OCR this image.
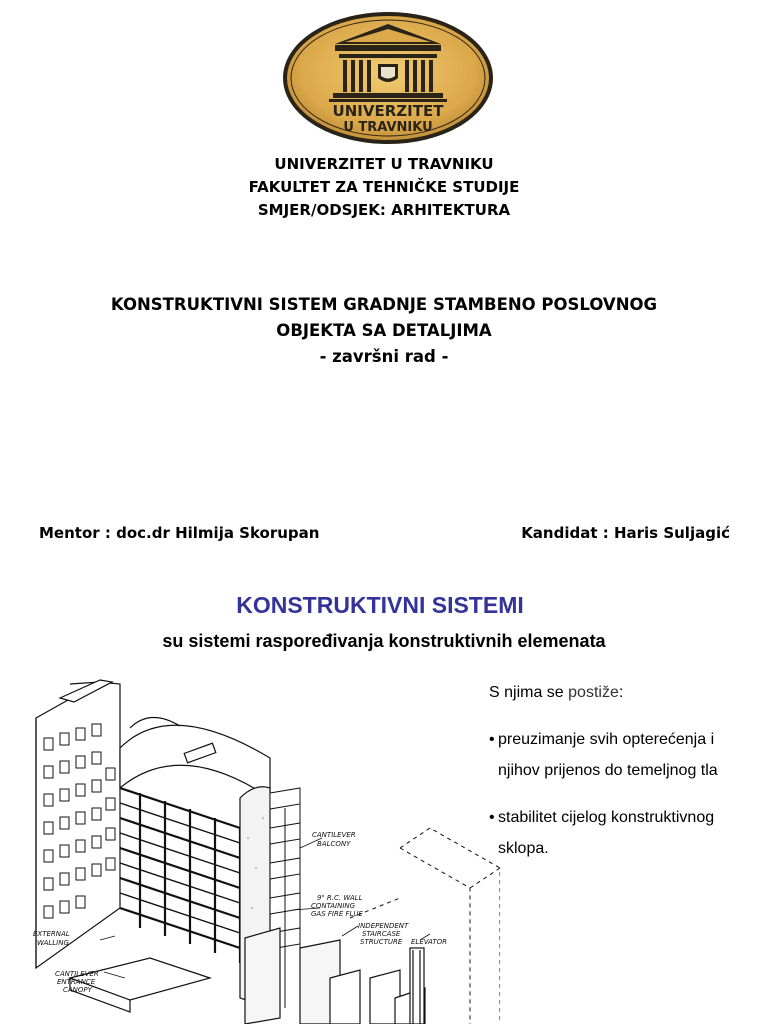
UNIVERZITET
U TRAVNIKU
UNIVERZITET U TRAVNIKU
FAKULTET ZA TEHNIČKE STUDIJE
SMJER/ODSJEK: ARHITEKTURA
KONSTRUKTIVNI SISTEM GRADNJE STAMBENO POSLOVNOG
OBJEKTA SA DETALJIMA
- završni rad -
Mentor : doc.dr Hilmija Skorupan	Kandidat : Haris Suljagić
KONSTRUKTIVNI SISTEMI
su sistemi raspoređivanja konstruktivnih elemenata
CANTILEVER
BALCONY
9" R.C. WALL
CONTAINING
GAS FIRE FLUE
INDEPENDENT
STAIRCASE
STRUCTURE ELEVATOR
EXTERNAL
WALLING
CANTILEVER
ENTRANCE
CANOPY
S njima se postiže:
• preuzimanje svih opterećenja i njihov prijenos do temeljnog tla
• stabilitet cijelog konstruktivnog sklopa.
